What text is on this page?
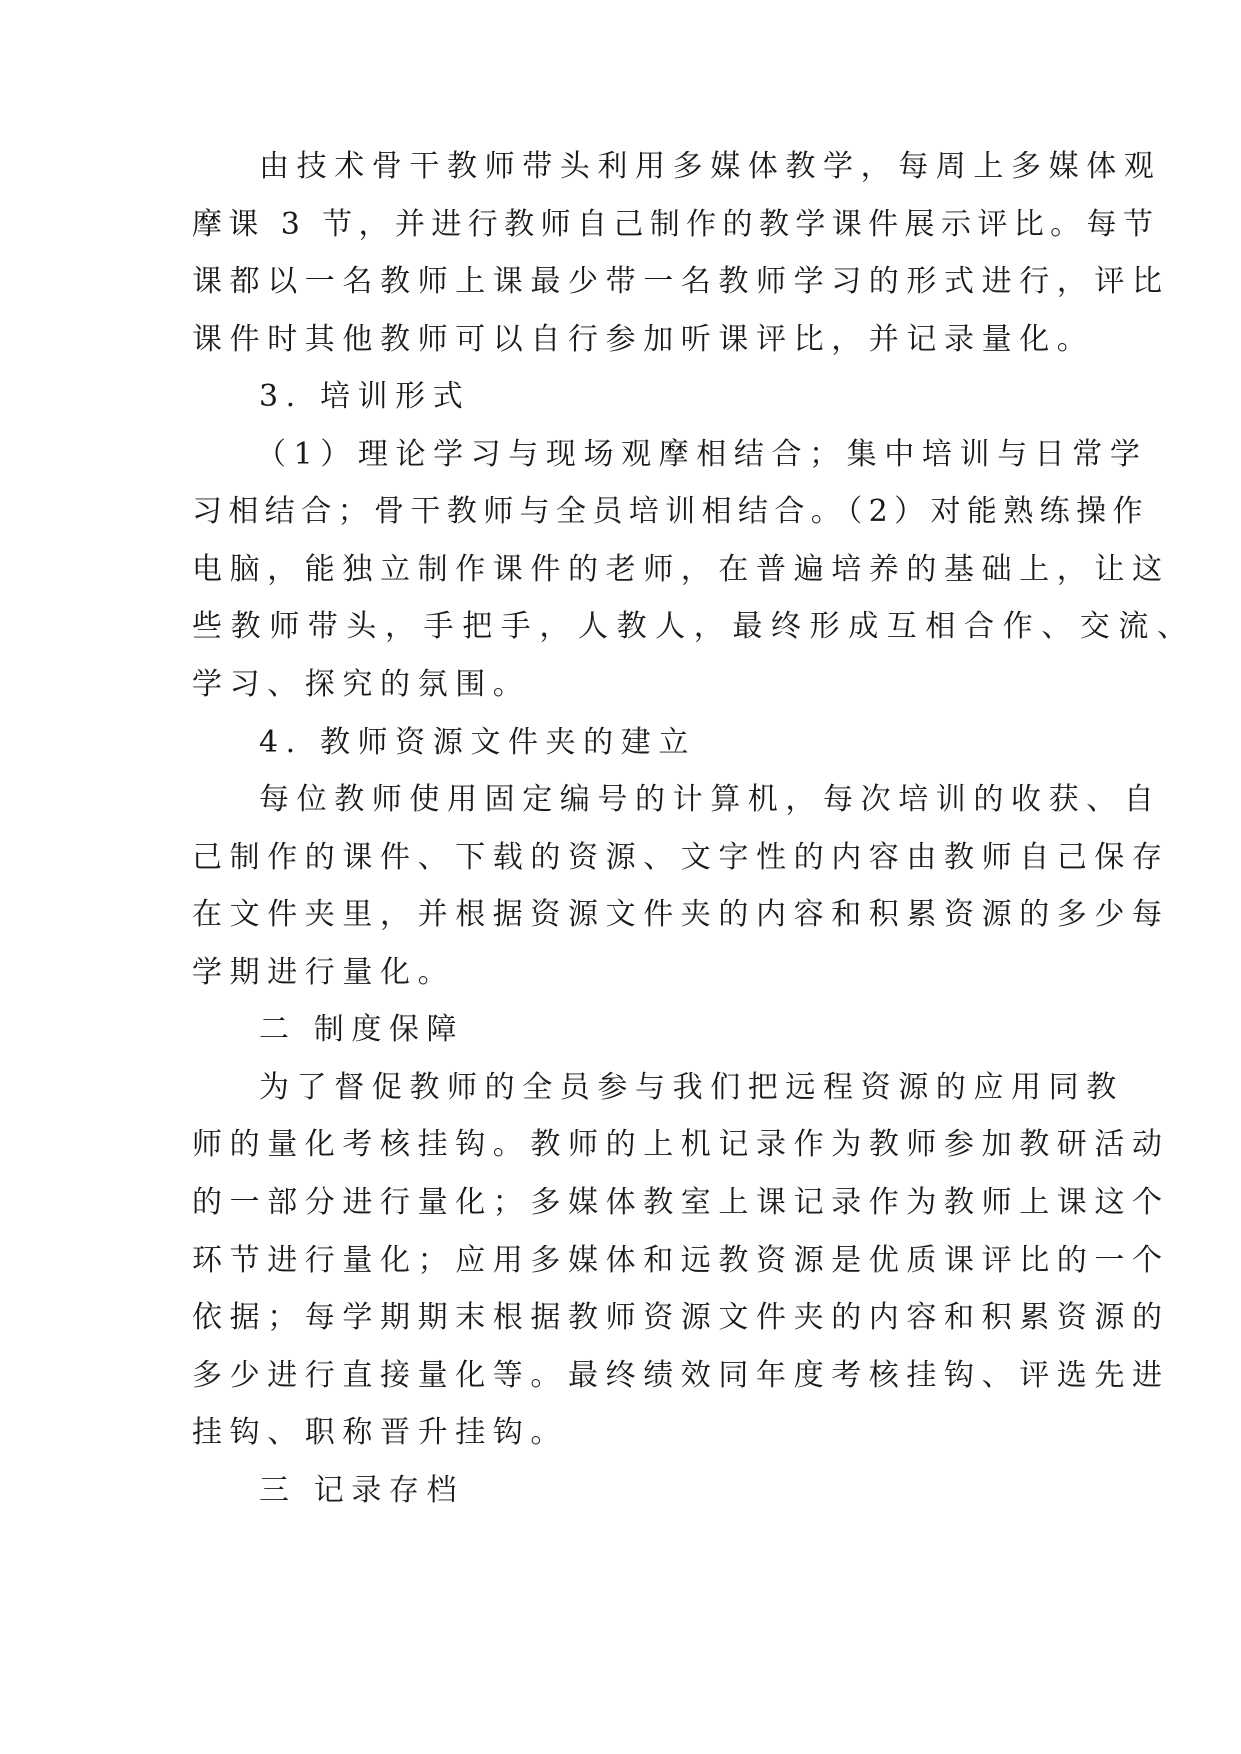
由技术骨干教师带头利用多媒体教学，每周上多媒体观
摩课 3 节，并进行教师自己制作的教学课件展示评比。每节
课都以一名教师上课最少带一名教师学习的形式进行，评比
课件时其他教师可以自行参加听课评比，并记录量化。
3. 培训形式
（1）理论学习与现场观摩相结合；集中培训与日常学
习相结合；骨干教师与全员培训相结合。（2）对能熟练操作
电脑，能独立制作课件的老师，在普遍培养的基础上，让这
些教师带头，手把手，人教人，最终形成互相合作、交流、
学习、探究的氛围。
4. 教师资源文件夹的建立
每位教师使用固定编号的计算机，每次培训的收获、自
己制作的课件、下载的资源、文字性的内容由教师自己保存
在文件夹里，并根据资源文件夹的内容和积累资源的多少每
学期进行量化。
二 制度保障
为了督促教师的全员参与我们把远程资源的应用同教
师的量化考核挂钩。教师的上机记录作为教师参加教研活动
的一部分进行量化；多媒体教室上课记录作为教师上课这个
环节进行量化；应用多媒体和远教资源是优质课评比的一个
依据；每学期期末根据教师资源文件夹的内容和积累资源的
多少进行直接量化等。最终绩效同年度考核挂钩、评选先进
挂钩、职称晋升挂钩。
三 记录存档
